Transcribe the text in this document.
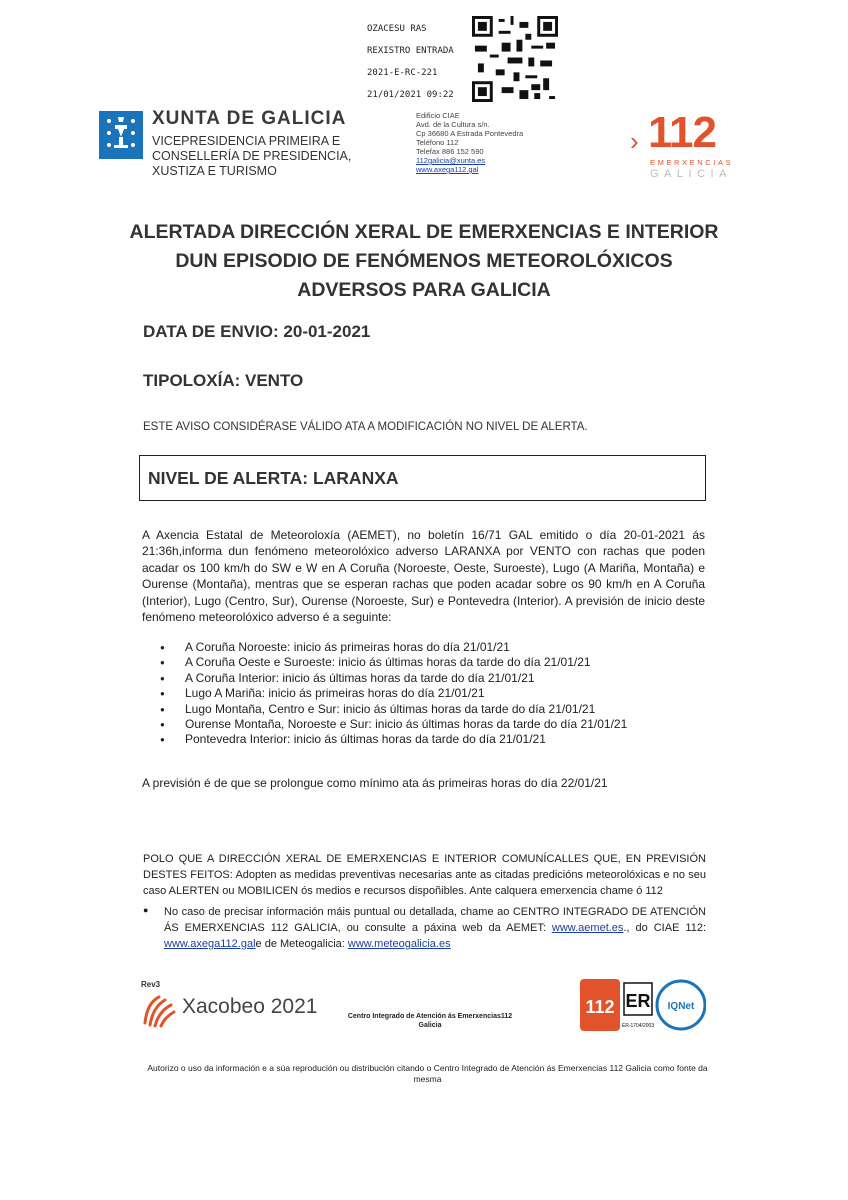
OZACESU RAS
REXISTRO ENTRADA
2021-E-RC-221
21/01/2021 09:22
XUNTA DE GALICIA
VICEPRESIDENCIA PRIMEIRA E
CONSELLERÍA DE PRESIDENCIA,
XUSTIZA E TURISMO
Edificio CIAE
Avd. de la Cultura s/n.
Cp 36680 A Estrada Pontevedra
Teléfono 112
Telefax 886 152 590
112galicia@xunta.es
www.axega112.gal
› 112
EMERXENCIAS
GALICIA
ALERTADA DIRECCIÓN XERAL DE EMERXENCIAS E INTERIOR
DUN EPISODIO DE FENÓMENOS METEOROLÓXICOS
ADVERSOS PARA GALICIA
DATA DE ENVIO: 20-01-2021
TIPOLOXÍA: VENTO
ESTE AVISO CONSIDÉRASE VÁLIDO ATA A MODIFICACIÓN NO NIVEL DE ALERTA.
NIVEL DE ALERTA: LARANXA
A Axencia Estatal de Meteoroloxía (AEMET), no boletín 16/71 GAL emitido o día 20-01-2021 ás 21:36h,informa dun fenómeno meteorolóxico adverso LARANXA por VENTO con rachas que poden acadar os 100 km/h do SW e W en A Coruña (Noroeste, Oeste, Suroeste), Lugo (A Mariña, Montaña) e Ourense (Montaña), mentras que se esperan rachas que poden acadar sobre os 90 km/h en A Coruña (Interior), Lugo (Centro, Sur), Ourense (Noroeste, Sur) e Pontevedra (Interior). A previsión de inicio deste fenómeno meteorolóxico adverso é a seguinte:
● A Coruña Noroeste: inicio ás primeiras horas do día 21/01/21
● A Coruña Oeste e Suroeste: inicio ás últimas horas da tarde do día 21/01/21
● A Coruña Interior: inicio ás últimas horas da tarde do día 21/01/21
● Lugo A Mariña: inicio ás primeiras horas do día 21/01/21
● Lugo Montaña, Centro e Sur: inicio ás últimas horas da tarde do día 21/01/21
● Ourense Montaña, Noroeste e Sur: inicio ás últimas horas da tarde do día 21/01/21
● Pontevedra Interior: inicio ás últimas horas da tarde do día 21/01/21
A previsión é de que se prolongue como mínimo ata ás primeiras horas do día 22/01/21
POLO QUE A DIRECCIÓN XERAL DE EMERXENCIAS E INTERIOR COMUNÍCALLES QUE, EN PREVISIÓN DESTES FEITOS: Adopten as medidas preventivas necesarias ante as citadas predicións meteorolóxicas e no seu caso ALERTEN ou MOBILICEN ós medios e recursos dispoñibles. Ante calquera emerxencia chame ó 112
● No caso de precisar información máis puntual ou detallada, chame ao CENTRO INTEGRADO DE ATENCIÓN ÁS EMERXENCIAS 112 GALICIA, ou consulte a páxina web da AEMET: www.aemet.es., do CIAE 112: www.axega112.gale de Meteogalicia: www.meteogalicia.es
Rev3
Xacobeo 2021	Centro Integrado de Atención ás Emerxencias112 Galicia
112 ER
ER-1704/2003
IQNet
Autorizo o uso da información e a súa reprodución ou distribución citando o Centro Integrado de Atención ás Emerxencias 112 Galicia como fonte da mesma
